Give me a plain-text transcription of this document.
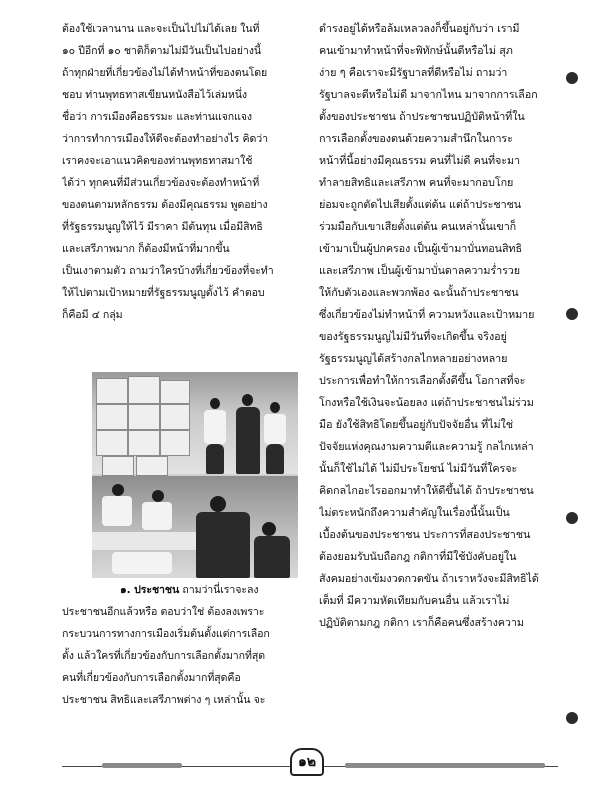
ต้องใช้เวลานาน และจะเป็นไปไม่ได้เลย ในที่
๑๐ ปีอีกที่ ๑๐ ชาติก็ตามไม่มีวันเป็นไปอย่างนี้
ถ้าทุกฝ่ายที่เกี่ยวข้องไม่ได้ทำหน้าที่ของตนโดย
ชอบ ท่านพุทธทาสเขียนหนังสือไว้เล่มหนึ่ง
ชื่อว่า การเมืองคือธรรมะ และท่านแจกแจง
ว่าการทำการเมืองให้ดีจะต้องทำอย่างไร คิดว่า
เราคงจะเอาแนวคิดของท่านพุทธทาสมาใช้
ได้ว่า ทุกคนที่มีส่วนเกี่ยวข้องจะต้องทำหน้าที่
ของตนตามหลักธรรม ต้องมีคุณธรรม พูดอย่าง
ที่รัฐธรรมนูญให้ไว้ มีราคา มีต้นทุน เมื่อมีสิทธิ
และเสรีภาพมาก ก็ต้องมีหน้าที่มากขึ้น
เป็นเงาตามตัว ถามว่าใครบ้างที่เกี่ยวข้องที่จะทำ
ให้ไปตามเป้าหมายที่รัฐธรรมนูญตั้งไว้ คำตอบ
ก็คือมี ๔ กลุ่ม
๑. ประชาชน ถามว่านี่เราจะลง
ประชาชนอีกแล้วหรือ ตอบว่าใช่ ต้องลงเพราะ
กระบวนการทางการเมืองเริ่มต้นตั้งแต่การเลือก
ตั้ง แล้วใครที่เกี่ยวข้องกับการเลือกตั้งมากที่สุด
คนที่เกี่ยวข้องกับการเลือกตั้งมากที่สุดคือ
ประชาชน สิทธิและเสรีภาพต่าง ๆ เหล่านั้น จะ
ดำรงอยู่ได้หรือล้มเหลวลงก็ขึ้นอยู่กับว่า เรามี
คนเข้ามาทำหน้าที่จะพิทักษ์นั้นดีหรือไม่ สุภ
ง่าย ๆ คือเราจะมีรัฐบาลที่ดีหรือไม่ ถามว่า
รัฐบาลจะดีหรือไม่ดี มาจากไหน มาจากการเลือก
ตั้งของประชาชน ถ้าประชาชนปฏิบัติหน้าที่ใน
การเลือกตั้งของตนด้วยความสำนึกในการะ
หน้าที่นี้อย่างมีคุณธรรม คนที่ไม่ดี คนที่จะมา
ทำลายสิทธิและเสรีภาพ คนที่จะมากอบโกย
ย่อมจะถูกตัดไปเสียตั้งแต่ต้น แต่ถ้าประชาชน
ร่วมมือกับเขาเสียตั้งแต่ต้น คนเหล่านั้นเขาก็
เข้ามาเป็นผู้ปกครอง เป็นผู้เข้ามาบั่นทอนสิทธิ
และเสรีภาพ เป็นผู้เข้ามาบั่นดาลความร่ำรวย
ให้กับตัวเองและพวกพ้อง ฉะนั้นถ้าประชาชน
ซึ่งเกี่ยวข้องไม่ทำหน้าที่ ความหวังและเป้าหมาย
ของรัฐธรรมนูญไม่มีวันที่จะเกิดขึ้น จริงอยู่
รัฐธรรมนูญได้สร้างกลไกหลายอย่างหลาย
ประการเพื่อทำให้การเลือกตั้งดีขึ้น โอกาสที่จะ
โกงหรือใช้เงินจะน้อยลง แต่ถ้าประชาชนไม่ร่วม
มือ ยังใช้สิทธิโดยขึ้นอยู่กับปัจจัยอื่น ที่ไม่ใช่
ปัจจัยแห่งคุณงามความดีและความรู้ กลไกเหล่า
นั้นก็ใช้ไม่ได้ ไม่มีประโยชน์ ไม่มีวันที่ใครจะ
คิดกลไกอะไรออกมาทำให้ดีขึ้นได้ ถ้าประชาชน
ไม่ตระหนักถึงความสำคัญในเรื่องนี้นั้นเป็น
เบื้องต้นของประชาชน ประการที่สองประชาชน
ต้องยอมรับนับถือกฎ กติกาที่มีใช้บังคับอยู่ใน
สังคมอย่างเข้มงวดกวดขัน ถ้าเราหวังจะมีสิทธิได้
เต็มที่ มีความหัดเทียมกับคนอื่น แล้วเราไม่
ปฏิบัติตามกฎ กติกา เราก็คือคนซึ่งสร้างความ
๑๒
